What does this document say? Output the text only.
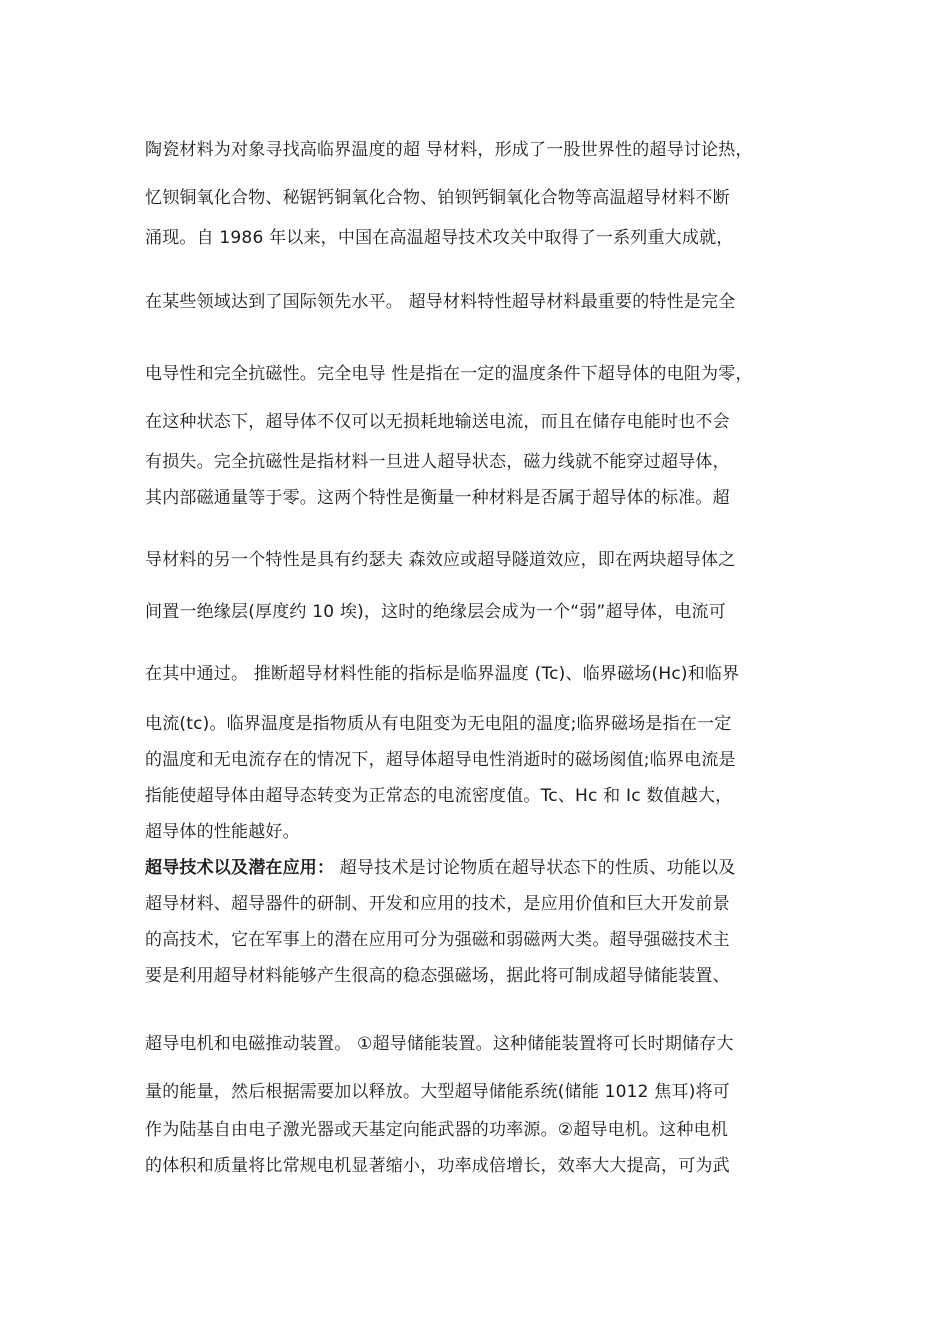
陶瓷材料为对象寻找高临界温度的超 导材料，形成了一股世界性的超导讨论热，
忆钡铜氧化合物、秘锯钙铜氧化合物、铂钡钙铜氧化合物等高温超导材料不断
涌现。自 1986 年以来，中国在高温超导技术攻关中取得了一系列重大成就，
在某些领域达到了国际领先水平。 超导材料特性超导材料最重要的特性是完全
电导性和完全抗磁性。完全电导 性是指在一定的温度条件下超导体的电阻为零，
在这种状态下，超导体不仅可以无损耗地输送电流，而且在储存电能时也不会
有损失。完全抗磁性是指材料一旦进人超导状态，磁力线就不能穿过超导体，
其内部磁通量等于零。这两个特性是衡量一种材料是否属于超导体的标准。超
导材料的另一个特性是具有约瑟夫 森效应或超导隧道效应，即在两块超导体之
间置一绝缘层(厚度约 10 埃)，这时的绝缘层会成为一个“弱”超导体，电流可
在其中通过。 推断超导材料性能的指标是临界温度 (Tc)、临界磁场(Hc)和临界
电流(tc)。临界温度是指物质从有电阻变为无电阻的温度;临界磁场是指在一定
的温度和无电流存在的情况下，超导体超导电性消逝时的磁场阂值;临界电流是
指能使超导体由超导态转变为正常态的电流密度值。Tc、Hc 和 Ic 数值越大，
超导体的性能越好。
超导技术以及潜在应用： 超导技术是讨论物质在超导状态下的性质、功能以及
超导材料、超导器件的研制、开发和应用的技术，是应用价值和巨大开发前景
的高技术，它在军事上的潜在应用可分为强磁和弱磁两大类。超导强磁技术主
要是利用超导材料能够产生很高的稳态强磁场，据此将可制成超导储能装置、
超导电机和电磁推动装置。 ①超导储能装置。这种储能装置将可长时期储存大
量的能量，然后根据需要加以释放。大型超导储能系统(储能 1012 焦耳)将可
作为陆基自由电子激光器或天基定向能武器的功率源。②超导电机。这种电机
的体积和质量将比常规电机显著缩小，功率成倍增长，效率大大提高，可为武
